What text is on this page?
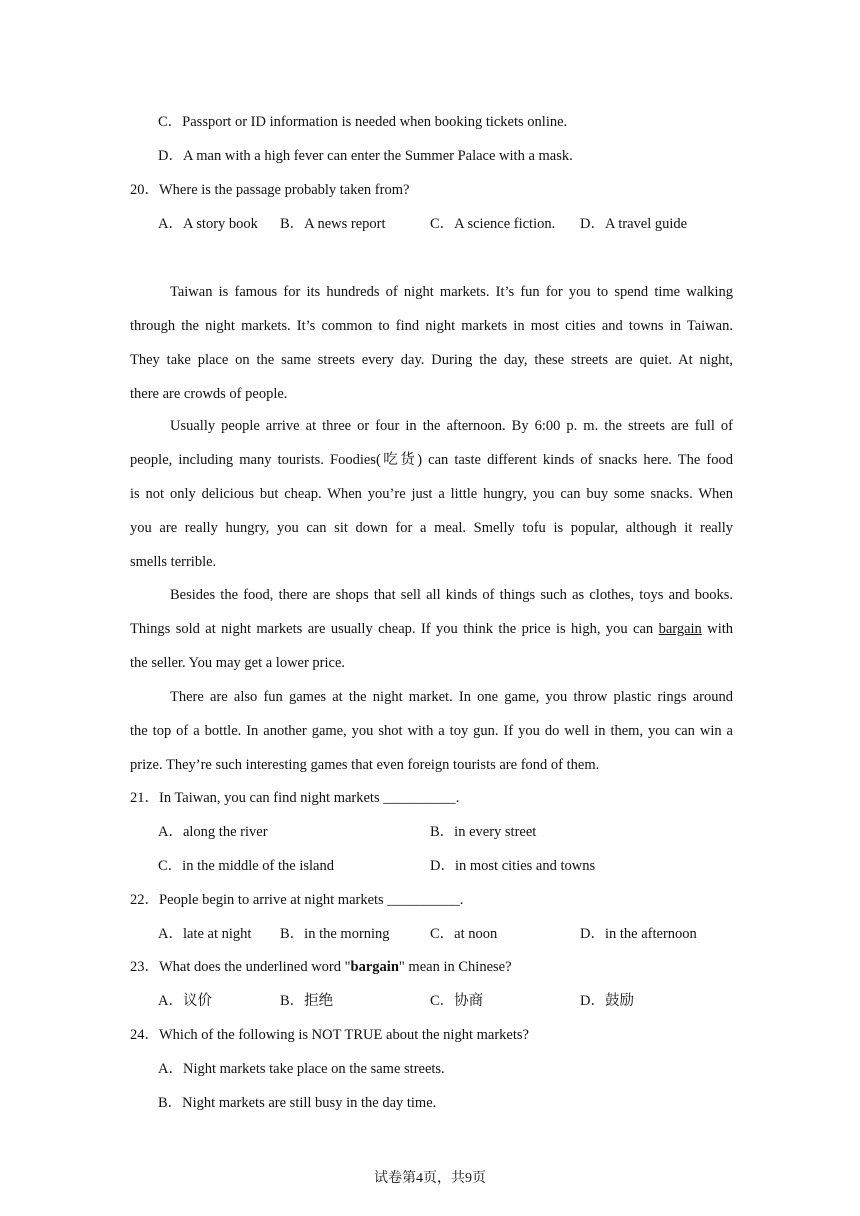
C．Passport or ID information is needed when booking tickets online.
D．A man with a high fever can enter the Summer Palace with a mask.
20．Where is the passage probably taken from?
A．A story book B．A news report	C．A science fiction. D．A travel guide
Taiwan is famous for its hundreds of night markets. It’s fun for you to spend time walking
through the night markets. It’s common to find night markets in most cities and towns in Taiwan.
They take place on the same streets every day. During the day, these streets are quiet. At night,
there are crowds of people.
Usually people arrive at three or four in the afternoon. By 6:00 p. m. the streets are full of
people, including many tourists. Foodies(吃货) can taste different kinds of snacks here. The food
is not only delicious but cheap. When you’re just a little hungry, you can buy some snacks. When
you are really hungry, you can sit down for a meal. Smelly tofu is popular, although it really
smells terrible.
Besides the food, there are shops that sell all kinds of things such as clothes, toys and books.
Things sold at night markets are usually cheap. If you think the price is high, you can bargain with
the seller. You may get a lower price.
There are also fun games at the night market. In one game, you throw plastic rings around
the top of a bottle. In another game, you shot with a toy gun. If you do well in them, you can win a
prize. They’re such interesting games that even foreign tourists are fond of them.
21．In Taiwan, you can find night markets __________.
A．along the river	B．in every street
C．in the middle of the island	D．in most cities and towns
22．People begin to arrive at night markets __________.
A．late at night B．in the morning	C．at noon	D．in the afternoon
23．What does the underlined word "bargain" mean in Chinese?
A．议价	B．拒绝	C．协商	D．鼓励
24．Which of the following is NOT TRUE about the night markets?
A．Night markets take place on the same streets.
B．Night markets are still busy in the day time.
试卷第4页，共9页
